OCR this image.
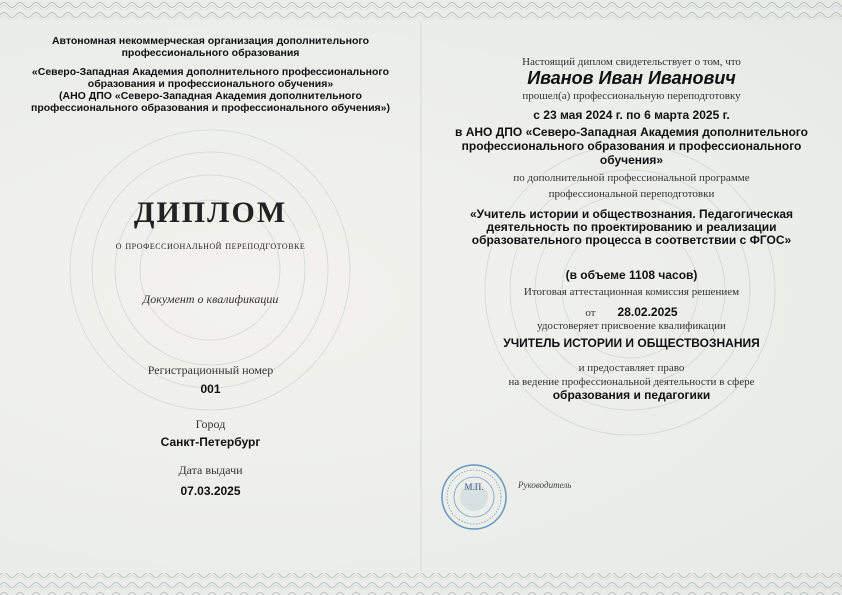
Автономная некоммерческая организация дополнительного
профессионального образования
«Северо-Западная Академия дополнительного профессионального
образования и профессионального обучения»
(АНО ДПО «Северо-Западная Академия дополнительного
профессионального образования и профессионального обучения»)
ДИПЛОМ
о профессиональной переподготовке
Документ о квалификации
Регистрационный номер
001
Город
Санкт-Петербург
Дата выдачи
07.03.2025
Настоящий диплом свидетельствует о том, что
Иванов Иван Иванович
прошел(а) профессиональную переподготовку
с 23 мая 2024 г. по 6 марта 2025 г.
в АНО ДПО «Северо-Западная Академия дополнительного
профессионального образования и профессионального
обучения»
по дополнительной профессиональной программе
профессиональной переподготовки
«Учитель истории и обществознания. Педагогическая
деятельность по проектированию и реализации
образовательного процесса в соответствии с ФГОС»
(в объеме 1108 часов)
Итоговая аттестационная комиссия решением
от 28.02.2025
удостоверяет присвоение квалификации
УЧИТЕЛЬ ИСТОРИИ И ОБЩЕСТВОЗНАНИЯ
и предоставляет право
на ведение профессиональной деятельности в сфере
образования и педагогики
М.П.	Руководитель
